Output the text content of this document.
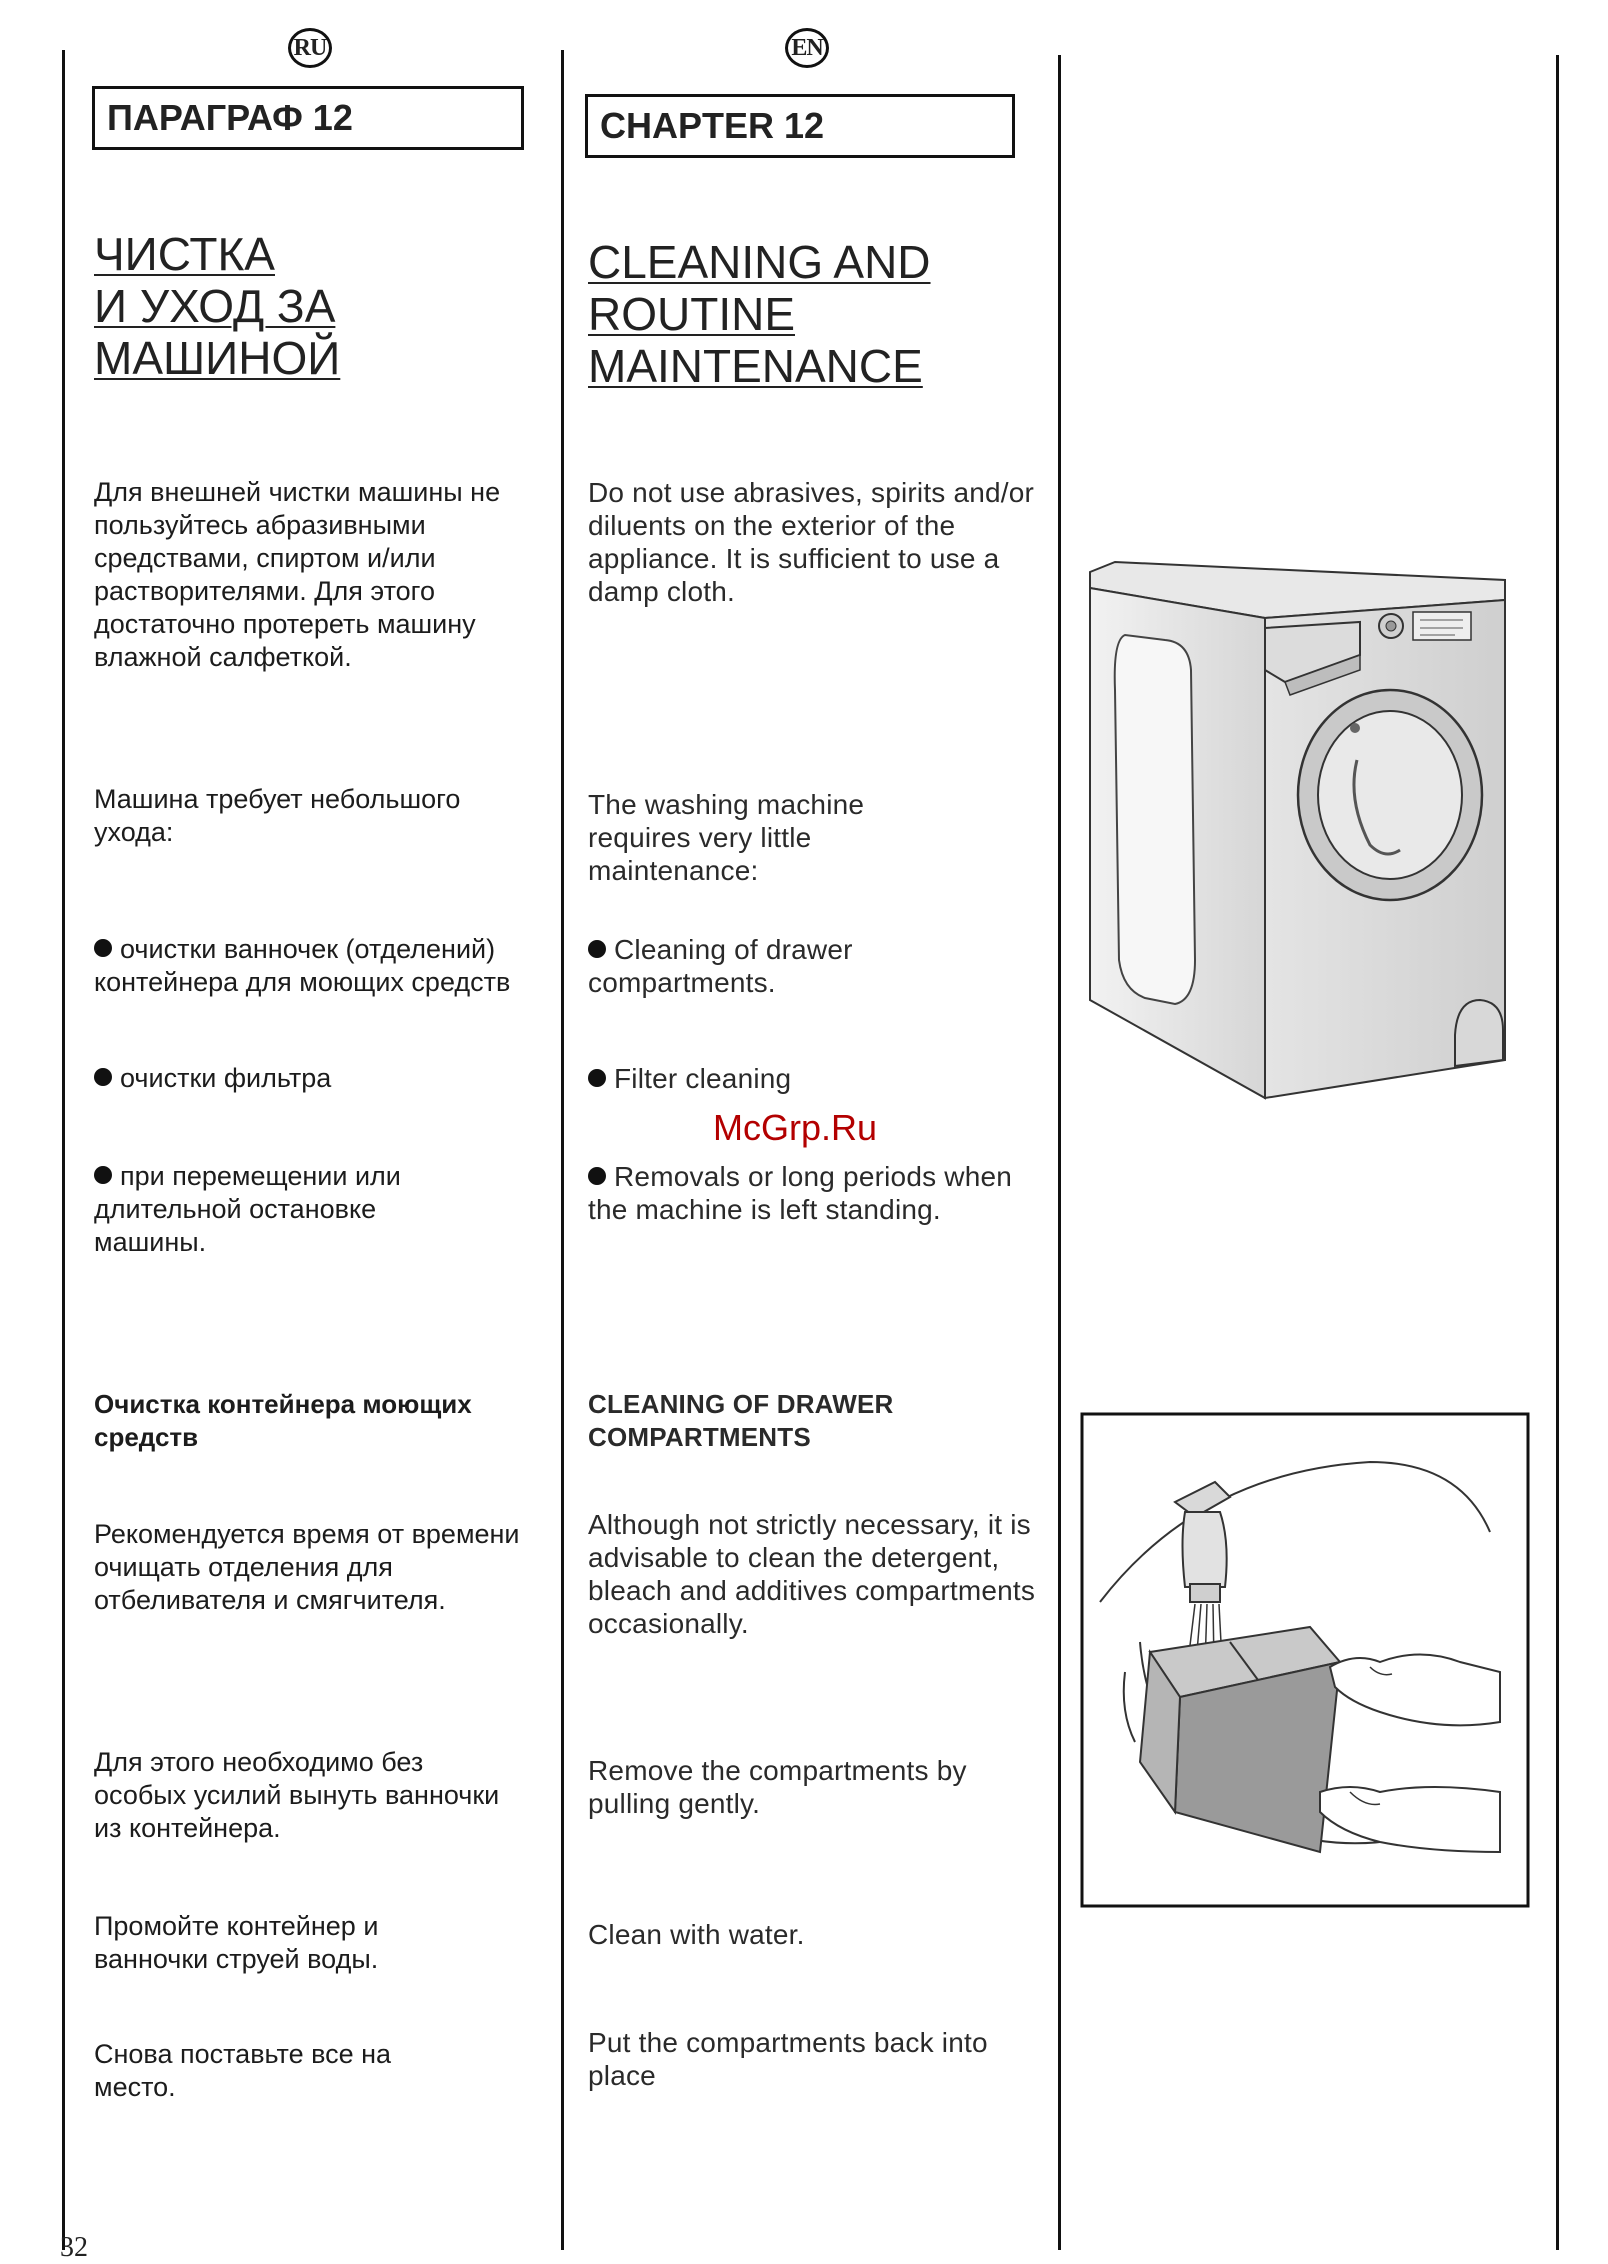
RU	EN
ПАРАГРАФ 12	CHAPTER 12
ЧИСТКА
И УХОД ЗА
МАШИНОЙ
CLEANING AND
ROUTINE
MAINTENANCE
Для внешней чистки машины не пользуйтесь абразивными средствами, спиртом и/или растворителями. Для этого достаточно протереть машину влажной салфеткой.
Машина требует небольшого ухода:
очистки ванночек (отделений) контейнера для моющих средств
очистки фильтра
при перемещении или длительной остановке машины.
Очистка контейнера моющих средств
Рекомендуется время от времени очищать отделения для отбеливателя и смягчителя.
Для этого необходимо без особых усилий вынуть ванночки из контейнера.
Промойте контейнер и ванночки струей воды.
Снова поставьте все на место.
Do not use abrasives, spirits and/or diluents on the exterior of the appliance. It is sufficient to use a damp cloth.
The washing machine requires very little maintenance:
Cleaning of drawer compartments.
Filter cleaning
Removals or long periods when the machine is left standing.
CLEANING OF DRAWER COMPARTMENTS
Although not strictly necessary, it is advisable to clean the detergent, bleach and additives compartments occasionally.
Remove the compartments by pulling gently.
Clean with water.
Put the compartments back into place
McGrp.Ru
32
